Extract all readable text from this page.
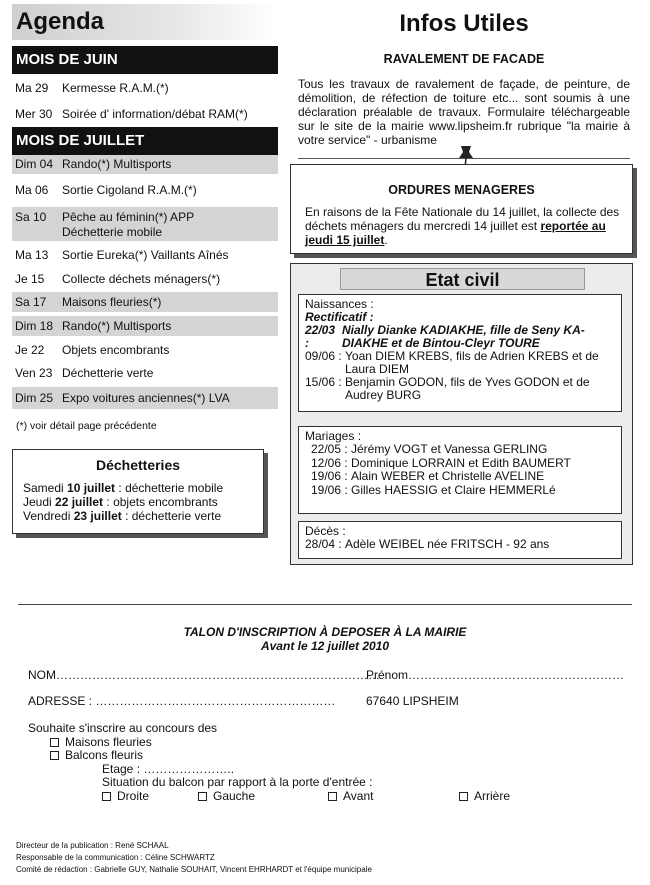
Agenda
MOIS DE JUIN
Ma 29	Kermesse R.A.M.(*)
Mer 30 Soirée d' information/débat RAM(*)
MOIS DE JUILLET
Dim 04 Rando(*) Multisports
Ma 06	Sortie Cigoland R.A.M.(*)
Sa 10	Pêche au féminin(*) APP
Déchetterie mobile
Ma 13	Sortie Eureka(*) Vaillants Aînés
Je 15	Collecte déchets ménagers(*)
Sa 17	Maisons fleuries(*)
Dim 18 Rando(*) Multisports
Je 22	Objets encombrants
Ven 23 Déchetterie verte
Dim 25 Expo voitures anciennes(*) LVA
(*) voir détail page précédente
Déchetteries
Samedi 10 juillet : déchetterie mobile
Jeudi 22 juillet : objets encombrants
Vendredi 23 juillet : déchetterie verte
Infos Utiles
RAVALEMENT DE FACADE
Tous les travaux de ravalement de façade, de peinture, de démolition, de réfection de toiture etc... sont soumis à une déclaration préalable de travaux. Formulaire téléchargeable sur le site de la mairie www.lipsheim.fr rubrique "la mairie à votre service" - urbanisme
ORDURES MENAGERES
En raisons de la Fête Nationale du 14 juillet, la collecte des déchets ménagers du mercredi 14 juillet est reportée au jeudi 15 juillet.
Etat civil
Naissances :
Rectificatif :
22/03 :
Nially Dianke KADIAKHE, fille de Seny KA-DIAKHE et de Bintou-Cleyr TOURE
09/06 : Yoan DIEM KREBS, fils de Adrien KREBS et de Laura DIEM
15/06 : Benjamin GODON, fils de Yves GODON et de Audrey BURG
Mariages :
22/05 : Jérémy VOGT et Vanessa GERLING
12/06 : Dominique LORRAIN et Edith BAUMERT
19/06 : Alain WEBER et Christelle AVELINE
19/06 : Gilles HAESSIG et Claire HEMMERLé
Décès :
28/04 : Adèle WEIBEL née FRITSCH - 92 ans
TALON D'INSCRIPTION À DEPOSER À LA MAIRIE
Avant le 12 juillet 2010
NOM………………………………………………………………………
Prénom………………………………………………
ADRESSE : ……………………………………………………	67640 LIPSHEIM
Souhaite s'inscrire au concours des
Maisons fleuries
Balcons fleuris
Etage : …………………..
Situation du balcon par rapport à la porte d'entrée :
Droite	Gauche	Avant	Arrière
Directeur de la publication : René SCHAAL
Responsable de la communication : Céline SCHWARTZ
Comité de rédaction : Gabrielle GUY, Nathalie SOUHAIT, Vincent EHRHARDT et l'équipe municipale
